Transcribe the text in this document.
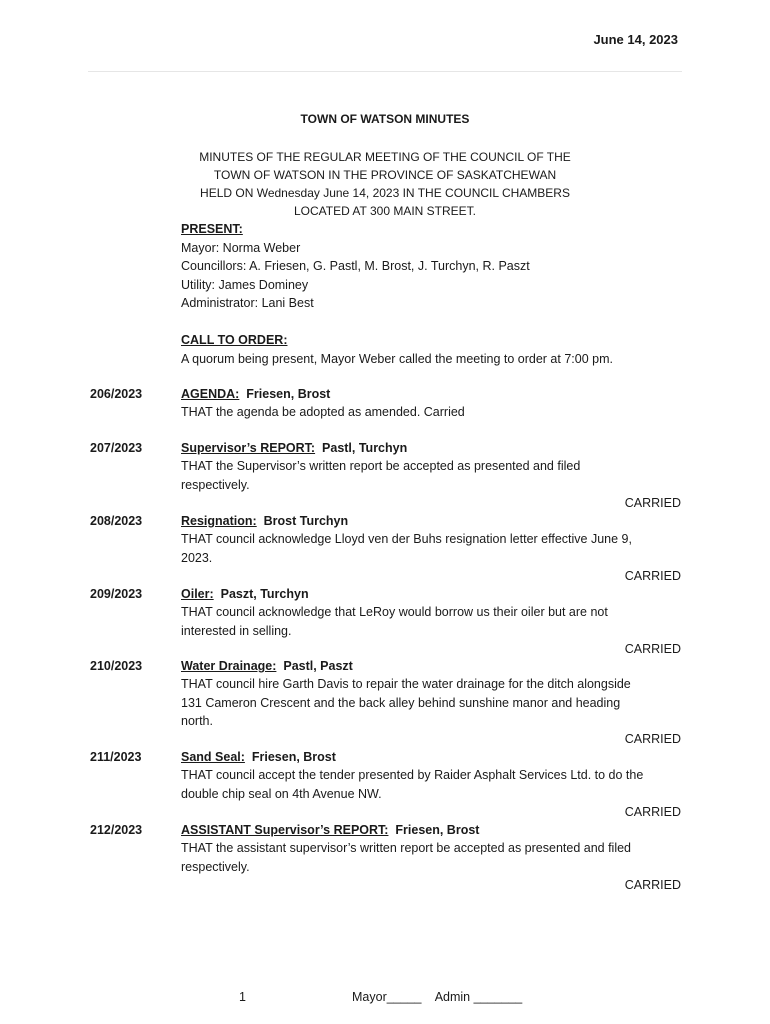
June 14, 2023
TOWN OF WATSON MINUTES
MINUTES OF THE REGULAR MEETING OF THE COUNCIL OF THE
TOWN OF WATSON IN THE PROVINCE OF SASKATCHEWAN
HELD ON Wednesday June 14, 2023 IN THE COUNCIL CHAMBERS
LOCATED AT 300 MAIN STREET.
PRESENT:
Mayor: Norma Weber
Councillors: A. Friesen, G. Pastl, M. Brost, J. Turchyn, R. Paszt
Utility: James Dominey
Administrator: Lani Best
CALL TO ORDER:
A quorum being present, Mayor Weber called the meeting to order at 7:00 pm.
206/2023	AGENDA:  Friesen, Brost
THAT the agenda be adopted as amended. Carried
207/2023	Supervisor’s REPORT:  Pastl, Turchyn
THAT the Supervisor’s written report be accepted as presented and filed
respectively.
CARRIED
208/2023	Resignation:  Brost Turchyn
THAT council acknowledge Lloyd ven der Buhs resignation letter effective June 9,
2023.
CARRIED
209/2023	Oiler:  Paszt, Turchyn
THAT council acknowledge that LeRoy would borrow us their oiler but are not
interested in selling.
CARRIED
210/2023	Water Drainage:  Pastl, Paszt
THAT council hire Garth Davis to repair the water drainage for the ditch alongside
131 Cameron Crescent and the back alley behind sunshine manor and heading
north.
CARRIED
211/2023	Sand Seal:  Friesen, Brost
THAT council accept the tender presented by Raider Asphalt Services Ltd. to do the
double chip seal on 4th Avenue NW.
CARRIED
212/2023	ASSISTANT Supervisor’s REPORT:  Friesen, Brost
THAT the assistant supervisor’s written report be accepted as presented and filed
respectively.
CARRIED
1	Mayor_____    Admin _______
